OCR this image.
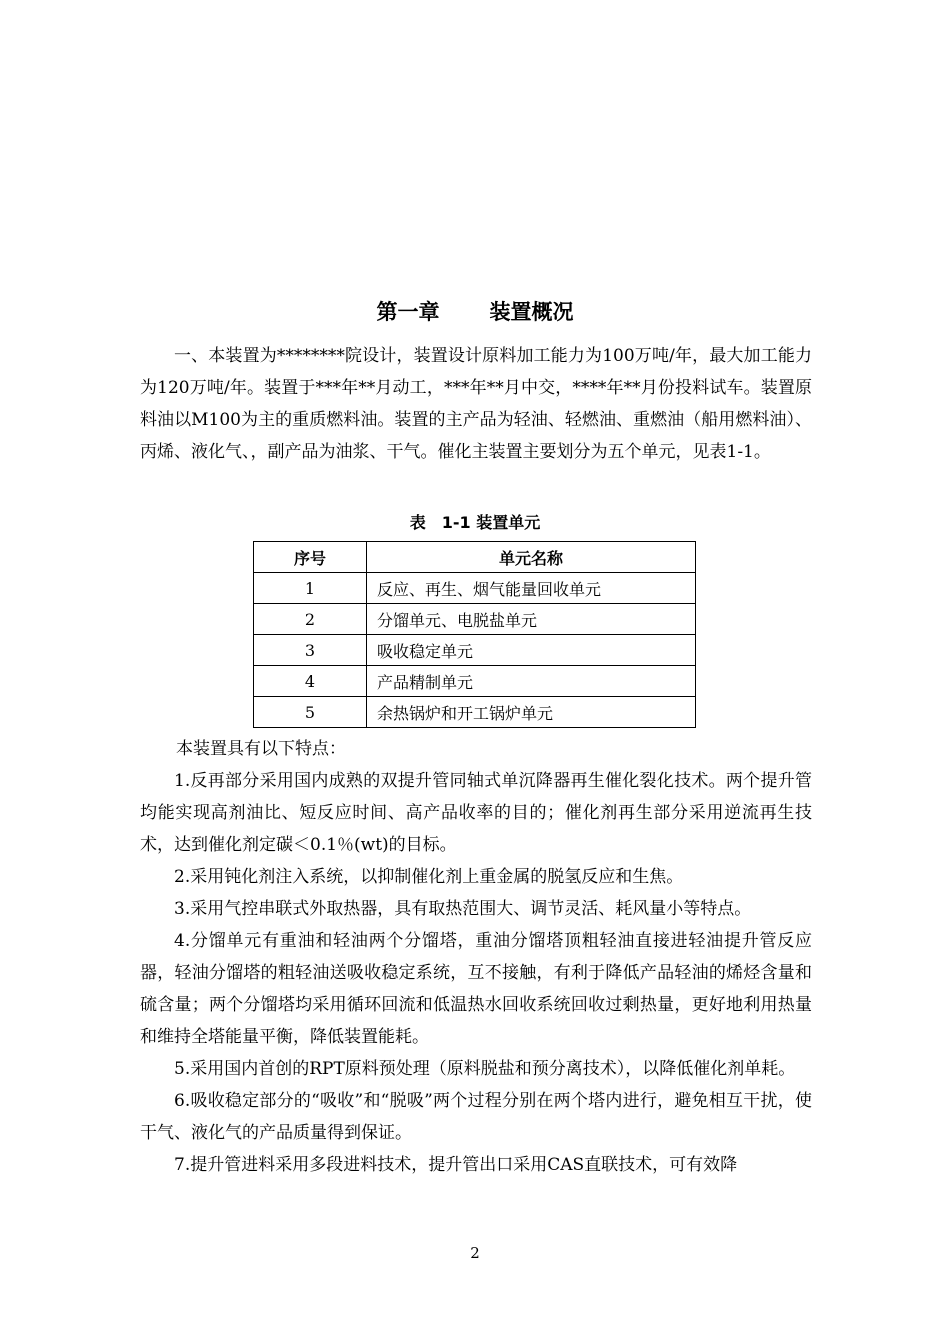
第一章 装置概况

一、本装置为********院设计，装置设计原料加工能力为100万吨/年，最大加工能力为120万吨/年。装置于***年**月动工，***年**月中交，****年**月份投料试车。装置原料油以M100为主的重质燃料油。装置的主产品为轻油、轻燃油、重燃油（船用燃料油）、丙烯、液化气、，副产品为油浆、干气。催化主装置主要划分为五个单元，见表1-1。

表　1-1 装置单元
序号	单元名称
1	反应、再生、烟气能量回收单元
2	分馏单元、电脱盐单元
3	吸收稳定单元
4	产品精制单元
5	余热锅炉和开工锅炉单元

本装置具有以下特点：

1.反再部分采用国内成熟的双提升管同轴式单沉降器再生催化裂化技术。两个提升管均能实现高剂油比、短反应时间、高产品收率的目的；催化剂再生部分采用逆流再生技术，达到催化剂定碳＜0.1％(wt)的目标。

2.采用钝化剂注入系统，以抑制催化剂上重金属的脱氢反应和生焦。

3.采用气控串联式外取热器，具有取热范围大、调节灵活、耗风量小等特点。

4.分馏单元有重油和轻油两个分馏塔，重油分馏塔顶粗轻油直接进轻油提升管反应器，轻油分馏塔的粗轻油送吸收稳定系统，互不接触，有利于降低产品轻油的烯烃含量和硫含量；两个分馏塔均采用循环回流和低温热水回收系统回收过剩热量，更好地利用热量和维持全塔能量平衡，降低装置能耗。

5.采用国内首创的RPT原料预处理（原料脱盐和预分离技术），以降低催化剂单耗。

6.吸收稳定部分的“吸收”和“脱吸”两个过程分别在两个塔内进行，避免相互干扰，使干气、液化气的产品质量得到保证。

7.提升管进料采用多段进料技术，提升管出口采用CAS直联技术，可有效降

2
